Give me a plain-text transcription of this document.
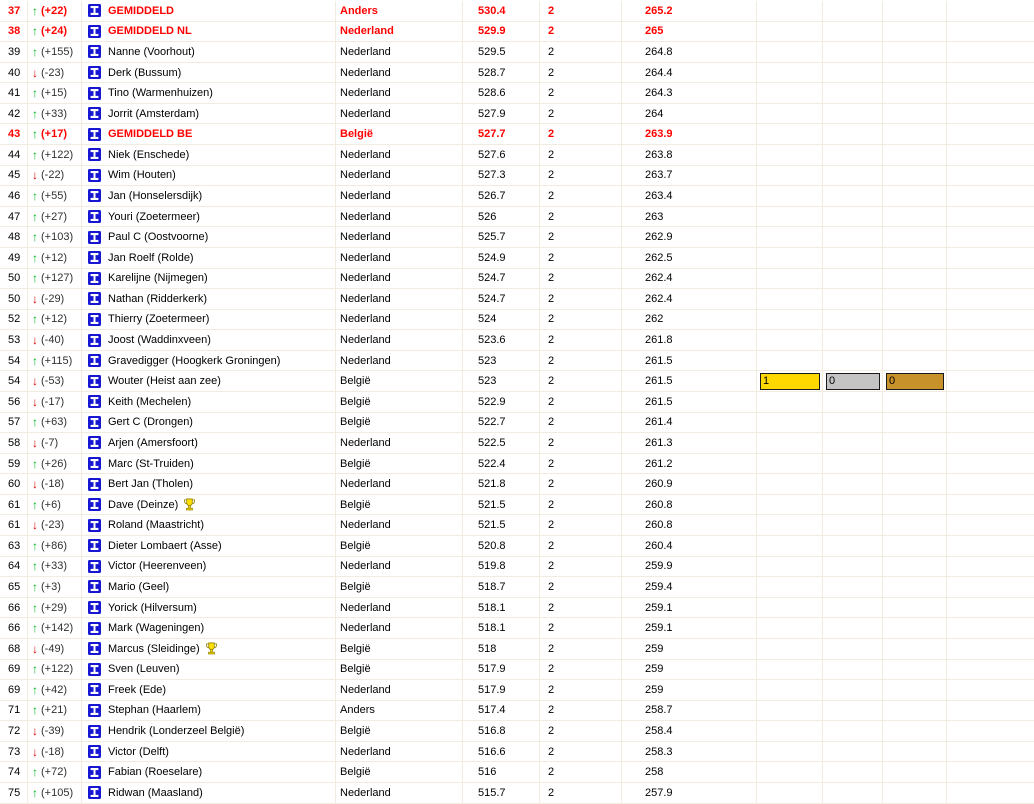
37 ↑ (+22)	GEMIDDELD	Anders	530.4	2	265.2
38 ↑ (+24)	GEMIDDELD NL	Nederland	529.9	2	265
39 ↑ (+155)	Nanne (Voorhout)	Nederland	529.5	2	264.8
40 ↓ (-23)	Derk (Bussum)	Nederland	528.7	2	264.4
41 ↑ (+15)	Tino (Warmenhuizen)	Nederland	528.6	2	264.3
42 ↑ (+33)	Jorrit (Amsterdam)	Nederland	527.9	2	264
43 ↑ (+17)	GEMIDDELD BE	België	527.7	2	263.9
44 ↑ (+122)	Niek (Enschede)	Nederland	527.6	2	263.8
45 ↓ (-22)	Wim (Houten)	Nederland	527.3	2	263.7
46 ↑ (+55)	Jan (Honselersdijk)	Nederland	526.7	2	263.4
47 ↑ (+27)	Youri (Zoetermeer)	Nederland	526	2	263
48 ↑ (+103)	Paul C (Oostvoorne)	Nederland	525.7	2	262.9
49 ↑ (+12)	Jan Roelf (Rolde)	Nederland	524.9	2	262.5
50 ↑ (+127)	Karelijne (Nijmegen)	Nederland	524.7	2	262.4
50 ↓ (-29)	Nathan (Ridderkerk)	Nederland	524.7	2	262.4
52 ↑ (+12)	Thierry (Zoetermeer)	Nederland	524	2	262
53 ↓ (-40)	Joost (Waddinxveen)	Nederland	523.6	2	261.8
54 ↑ (+115)	Gravedigger (Hoogkerk Groningen)	Nederland	523	2	261.5
54 ↓ (-53)	Wouter (Heist aan zee)	België	523	2	261.5	1	0	0
56 ↓ (-17)	Keith (Mechelen)	België	522.9	2	261.5
57 ↑ (+63)	Gert C (Drongen)	België	522.7	2	261.4
58 ↓ (-7)	Arjen (Amersfoort)	Nederland	522.5	2	261.3
59 ↑ (+26)	Marc (St-Truiden)	België	522.4	2	261.2
60 ↓ (-18)	Bert Jan (Tholen)	Nederland	521.8	2	260.9
61 ↑ (+6)	Dave (Deinze)	België	521.5	2	260.8
61 ↓ (-23)	Roland (Maastricht)	Nederland	521.5	2	260.8
63 ↑ (+86)	Dieter Lombaert (Asse)	België	520.8	2	260.4
64 ↑ (+33)	Victor (Heerenveen)	Nederland	519.8	2	259.9
65 ↑ (+3)	Mario (Geel)	België	518.7	2	259.4
66 ↑ (+29)	Yorick (Hilversum)	Nederland	518.1	2	259.1
66 ↑ (+142)	Mark (Wageningen)	Nederland	518.1	2	259.1
68 ↓ (-49)	Marcus (Sleidinge)	België	518	2	259
69 ↑ (+122)	Sven (Leuven)	België	517.9	2	259
69 ↑ (+42)	Freek (Ede)	Nederland	517.9	2	259
71 ↑ (+21)	Stephan (Haarlem)	Anders	517.4	2	258.7
72 ↓ (-39)	Hendrik (Londerzeel België)	België	516.8	2	258.4
73 ↓ (-18)	Victor (Delft)	Nederland	516.6	2	258.3
74 ↑ (+72)	Fabian (Roeselare)	België	516	2	258
75 ↑ (+105)	Ridwan (Maasland)	Nederland	515.7	2	257.9
